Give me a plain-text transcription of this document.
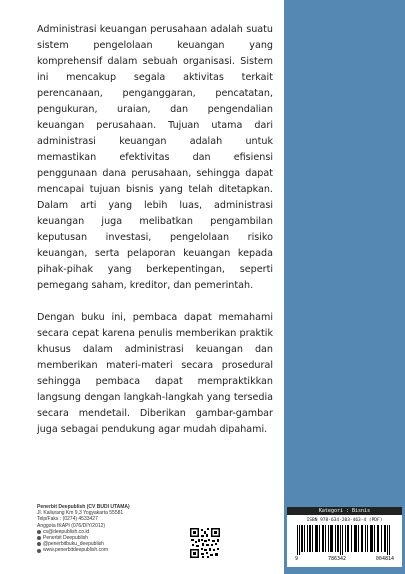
Administrasi keuangan perusahaan adalah suatu sistem pengelolaan keuangan yang komprehensif dalam sebuah organisasi. Sistem ini mencakup segala aktivitas terkait perencanaan, penganggaran, pencatatan, pengukuran, uraian, dan pengendalian keuangan perusahaan. Tujuan utama dari administrasi keuangan adalah untuk memastikan efektivitas dan efisiensi penggunaan dana perusahaan, sehingga dapat mencapai tujuan bisnis yang telah ditetapkan. Dalam arti yang lebih luas, administrasi keuangan juga melibatkan pengambilan keputusan investasi, pengelolaan risiko keuangan, serta pelaporan keuangan kepada pihak-pihak yang berkepentingan, seperti pemegang saham, kreditor, dan pemerintah.

Dengan buku ini, pembaca dapat memahami secara cepat karena penulis memberikan praktik khusus dalam administrasi keuangan dan memberikan materi-materi secara prosedural sehingga pembaca dapat mempraktikkan langsung dengan langkah-langkah yang tersedia secara mendetail. Diberikan gambar-gambar juga sebagai pendukung agar mudah dipahami.

Penerbit Deepublish (CV BUDI UTAMA)
Jl. Kaliurang Km 9,3 Yogyakarta 55581
Telp/Faks : (0274) 4533427
Anggota IKAPI (076/DIY/2012)
cs@deepublish.co.id
Penerbit Deepublish
@penerbitbuku_deepublish
www.penerbitdeepublish.com
Kategori : Bisnis
ISBN 978-634-203-463-4 (PDF)
9	786342	004814
